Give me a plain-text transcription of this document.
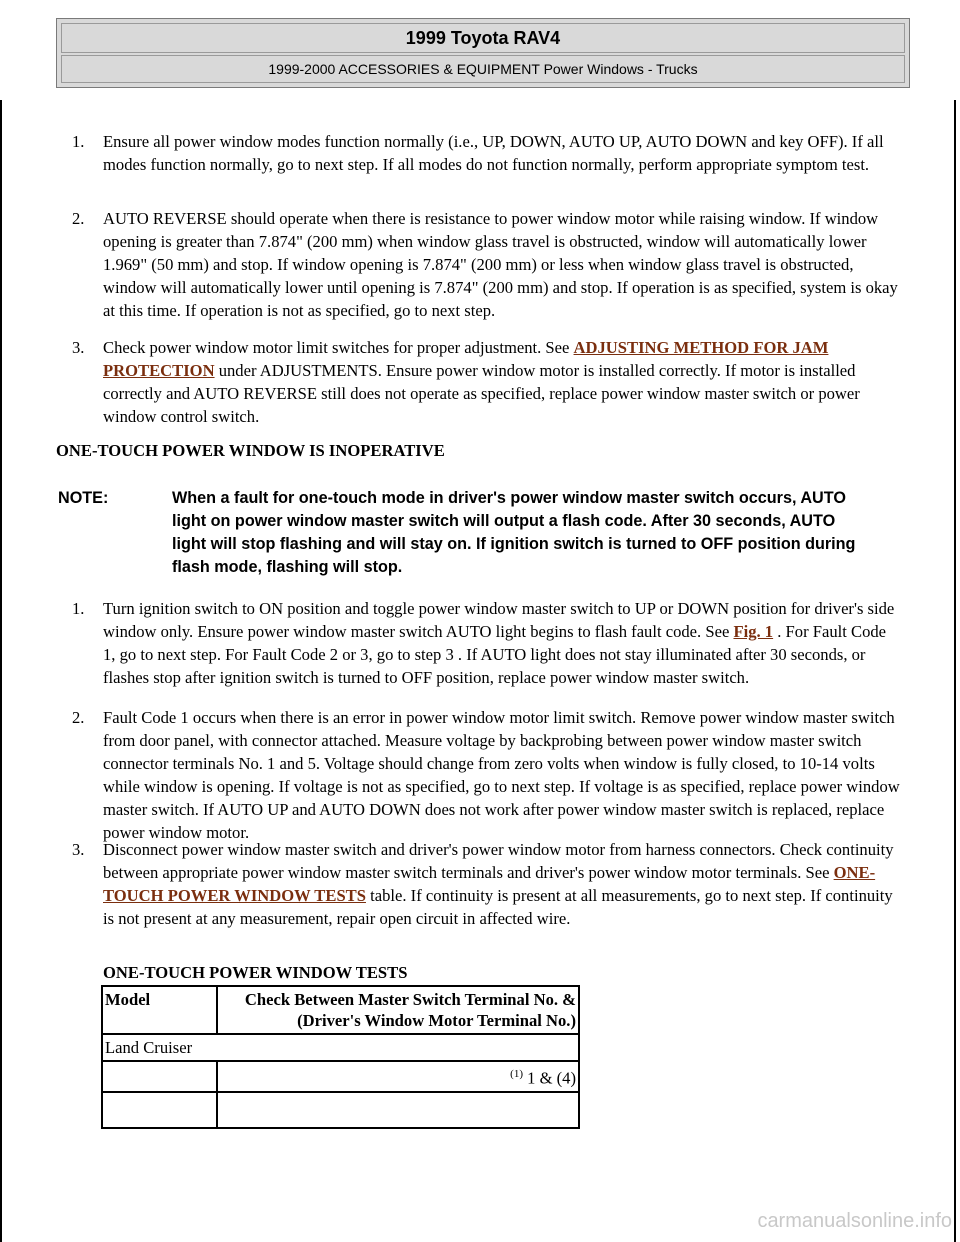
1999 Toyota RAV4
1999-2000 ACCESSORIES & EQUIPMENT Power Windows - Trucks
1. Ensure all power window modes function normally (i.e., UP, DOWN, AUTO UP, AUTO DOWN and key OFF). If all modes function normally, go to next step. If all modes do not function normally, perform appropriate symptom test.
2. AUTO REVERSE should operate when there is resistance to power window motor while raising window. If window opening is greater than 7.874" (200 mm) when window glass travel is obstructed, window will automatically lower 1.969" (50 mm) and stop. If window opening is 7.874" (200 mm) or less when window glass travel is obstructed, window will automatically lower until opening is 7.874" (200 mm) and stop. If operation is as specified, system is okay at this time. If operation is not as specified, go to next step.
3. Check power window motor limit switches for proper adjustment. See ADJUSTING METHOD FOR JAM PROTECTION under ADJUSTMENTS. Ensure power window motor is installed correctly. If motor is installed correctly and AUTO REVERSE still does not operate as specified, replace power window master switch or power window control switch.
ONE-TOUCH POWER WINDOW IS INOPERATIVE
NOTE:	When a fault for one-touch mode in driver's power window master switch occurs, AUTO light on power window master switch will output a flash code. After 30 seconds, AUTO light will stop flashing and will stay on. If ignition switch is turned to OFF position during flash mode, flashing will stop.
1. Turn ignition switch to ON position and toggle power window master switch to UP or DOWN position for driver's side window only. Ensure power window master switch AUTO light begins to flash fault code. See Fig. 1 . For Fault Code 1, go to next step. For Fault Code 2 or 3, go to step 3 . If AUTO light does not stay illuminated after 30 seconds, or flashes stop after ignition switch is turned to OFF position, replace power window master switch.
2. Fault Code 1 occurs when there is an error in power window motor limit switch. Remove power window master switch from door panel, with connector attached. Measure voltage by backprobing between power window master switch connector terminals No. 1 and 5. Voltage should change from zero volts when window is fully closed, to 10-14 volts while window is opening. If voltage is not as specified, go to next step. If voltage is as specified, replace power window master switch. If AUTO UP and AUTO DOWN does not work after power window master switch is replaced, replace power window motor.
3. Disconnect power window master switch and driver's power window motor from harness connectors. Check continuity between appropriate power window master switch terminals and driver's power window motor terminals. See ONE-TOUCH POWER WINDOW TESTS table. If continuity is present at all measurements, go to next step. If continuity is not present at any measurement, repair open circuit in affected wire.
ONE-TOUCH POWER WINDOW TESTS
Model	Check Between Master Switch Terminal No. & (Driver's Window Motor Terminal No.)
Land Cruiser	
	$^{(1)}$ 1 & (4)

carmanualsonline.info
